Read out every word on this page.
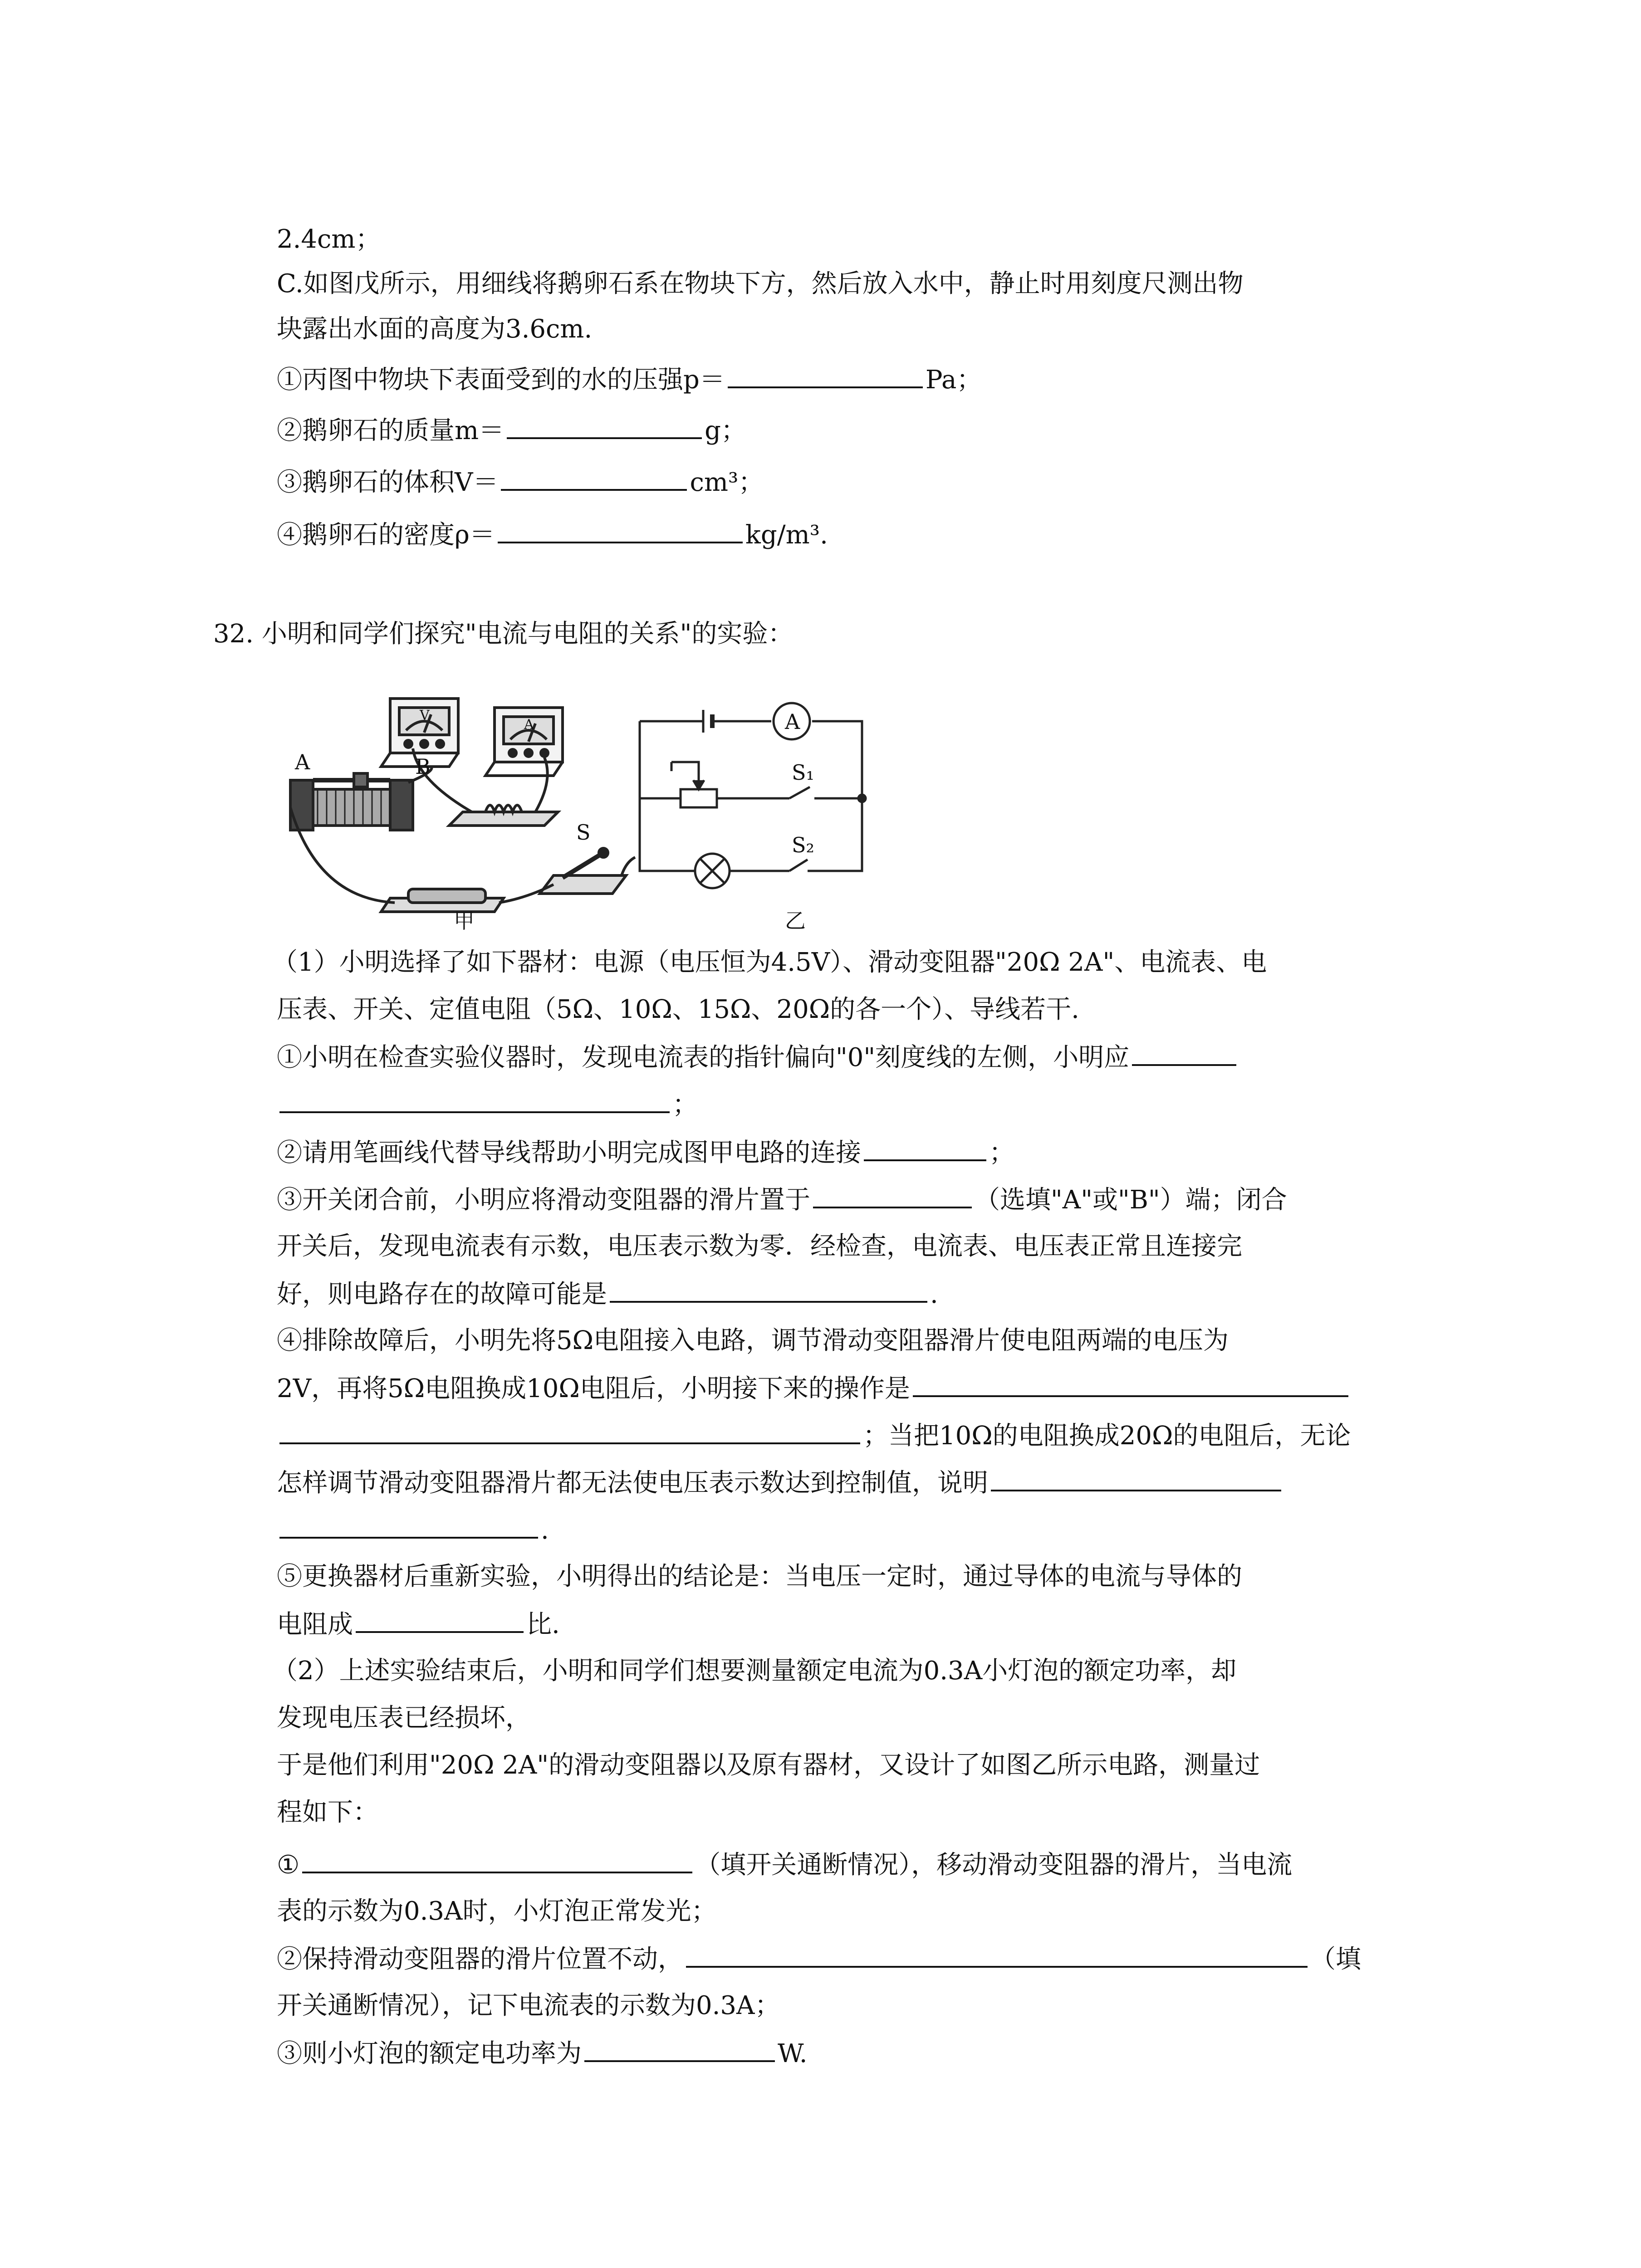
2.4cm；
C.如图戊所示，用细线将鹅卵石系在物块下方，然后放入水中，静止时用刻度尺测出物
块露出水面的高度为3.6cm.
①丙图中物块下表面受到的水的压强p＝	Pa；
②鹅卵石的质量m＝	g；
③鹅卵石的体积V＝	cm³；
④鹅卵石的密度ρ＝	kg/m³.
32. 小明和同学们探究"电流与电阻的关系"的实验：
（1）小明选择了如下器材：电源（电压恒为4.5V）、滑动变阻器"20Ω 2A"、电流表、电
压表、开关、定值电阻（5Ω、10Ω、15Ω、20Ω的各一个）、导线若干.
①小明在检查实验仪器时，发现电流表的指针偏向"0"刻度线的左侧，小明应
；
②请用笔画线代替导线帮助小明完成图甲电路的连接	；
③开关闭合前，小明应将滑动变阻器的滑片置于	（选填"A"或"B"）端；闭合
开关后，发现电流表有示数，电压表示数为零．经检查，电流表、电压表正常且连接完
好，则电路存在的故障可能是	.
④排除故障后，小明先将5Ω电阻接入电路，调节滑动变阻器滑片使电阻两端的电压为
2V，再将5Ω电阻换成10Ω电阻后，小明接下来的操作是
；当把10Ω的电阻换成20Ω的电阻后，无论
怎样调节滑动变阻器滑片都无法使电压表示数达到控制值，说明
.
⑤更换器材后重新实验，小明得出的结论是：当电压一定时，通过导体的电流与导体的
电阻成	比.
（2）上述实验结束后，小明和同学们想要测量额定电流为0.3A小灯泡的额定功率，却
发现电压表已经损坏，
于是他们利用"20Ω 2A"的滑动变阻器以及原有器材，又设计了如图乙所示电路，测量过
程如下：
①	（填开关通断情况），移动滑动变阻器的滑片，当电流
表的示数为0.3A时，小灯泡正常发光；
②保持滑动变阻器的滑片位置不动，	（填
开关通断情况），记下电流表的示数为0.3A；
③则小灯泡的额定电功率为	W.
A	B
S
V
A	A
S₁
S₂
甲	乙
